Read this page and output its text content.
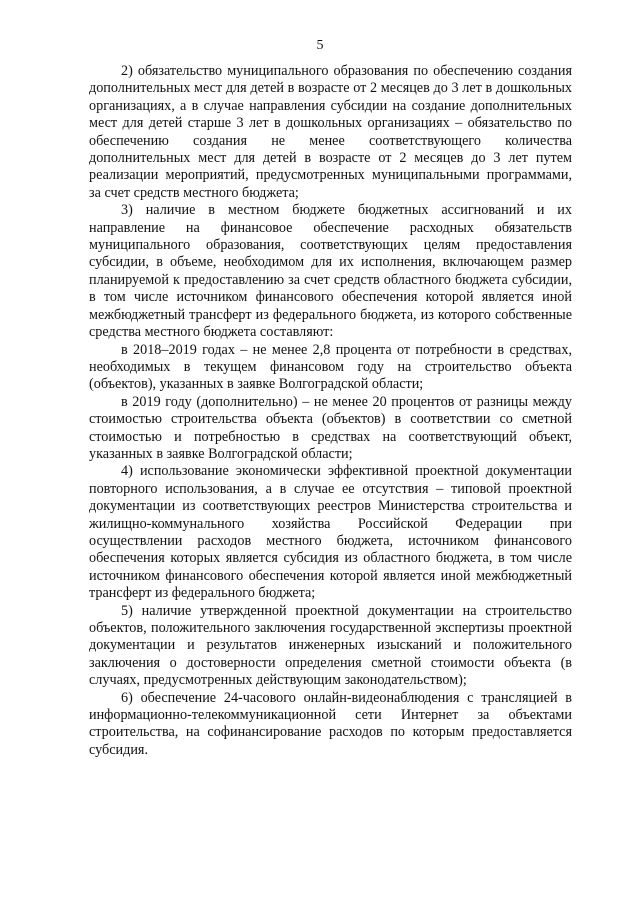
5

2) обязательство муниципального образования по обеспечению создания дополнительных мест для детей в возрасте от 2 месяцев до 3 лет в дошкольных организациях, а в случае направления субсидии на создание дополнительных мест для детей старше 3 лет в дошкольных организациях – обязательство по обеспечению создания не менее соответствующего количества дополнительных мест для детей в возрасте от 2 месяцев до 3 лет путем реализации мероприятий, предусмотренных муниципальными программами, за счет средств местного бюджета;

3) наличие в местном бюджете бюджетных ассигнований и их направление на финансовое обеспечение расходных обязательств муниципального образования, соответствующих целям предоставления субсидии, в объеме, необходимом для их исполнения, включающем размер планируемой к предоставлению за счет средств областного бюджета субсидии, в том числе источником финансового обеспечения которой является иной межбюджетный трансферт из федерального бюджета, из которого собственные средства местного бюджета составляют:

в 2018–2019 годах – не менее 2,8 процента от потребности в средствах, необходимых в текущем финансовом году на строительство объекта (объектов), указанных в заявке Волгоградской области;

в 2019 году (дополнительно) – не менее 20 процентов от разницы между стоимостью строительства объекта (объектов) в соответствии со сметной стоимостью и потребностью в средствах на соответствующий объект, указанных в заявке Волгоградской области;

4) использование экономически эффективной проектной документации повторного использования, а в случае ее отсутствия – типовой проектной документации из соответствующих реестров Министерства строительства и жилищно-коммунального хозяйства Российской Федерации при осуществлении расходов местного бюджета, источником финансового обеспечения которых является субсидия из областного бюджета, в том числе источником финансового обеспечения которой является иной межбюджетный трансферт из федерального бюджета;

5) наличие утвержденной проектной документации на строительство объектов, положительного заключения государственной экспертизы проектной документации и результатов инженерных изысканий и положительного заключения о достоверности определения сметной стоимости объекта (в случаях, предусмотренных действующим законодательством);

6) обеспечение 24-часового онлайн-видеонаблюдения с трансляцией в информационно-телекоммуникационной сети Интернет за объектами строительства, на софинансирование расходов по которым предоставляется субсидия.
